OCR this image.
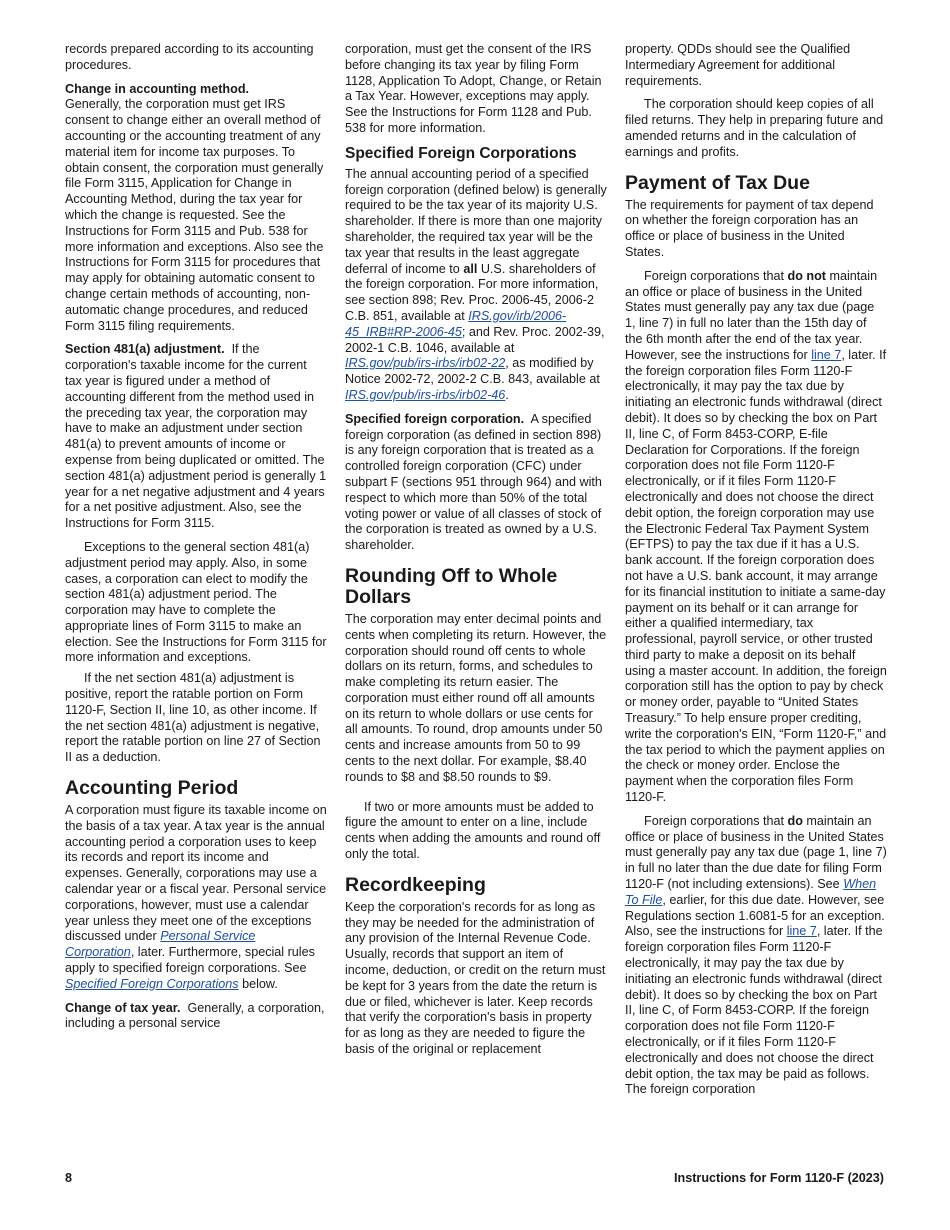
records prepared according to its accounting procedures.

Change in accounting method.
Generally, the corporation must get IRS consent to change either an overall method of accounting or the accounting treatment of any material item for income tax purposes. To obtain consent, the corporation must generally file Form 3115, Application for Change in Accounting Method, during the tax year for which the change is requested. See the Instructions for Form 3115 and Pub. 538 for more information and exceptions. Also see the Instructions for Form 3115 for procedures that may apply for obtaining automatic consent to change certain methods of accounting, non-automatic change procedures, and reduced Form 3115 filing requirements.

Section 481(a) adjustment. If the corporation's taxable income for the current tax year is figured under a method of accounting different from the method used in the preceding tax year, the corporation may have to make an adjustment under section 481(a) to prevent amounts of income or expense from being duplicated or omitted. The section 481(a) adjustment period is generally 1 year for a net negative adjustment and 4 years for a net positive adjustment. Also, see the Instructions for Form 3115.

Exceptions to the general section 481(a) adjustment period may apply. Also, in some cases, a corporation can elect to modify the section 481(a) adjustment period. The corporation may have to complete the appropriate lines of Form 3115 to make an election. See the Instructions for Form 3115 for more information and exceptions.

If the net section 481(a) adjustment is positive, report the ratable portion on Form 1120-F, Section II, line 10, as other income. If the net section 481(a) adjustment is negative, report the ratable portion on line 27 of Section II as a deduction.

Accounting Period

A corporation must figure its taxable income on the basis of a tax year. A tax year is the annual accounting period a corporation uses to keep its records and report its income and expenses. Generally, corporations may use a calendar year or a fiscal year. Personal service corporations, however, must use a calendar year unless they meet one of the exceptions discussed under Personal Service Corporation, later. Furthermore, special rules apply to specified foreign corporations. See Specified Foreign Corporations below.

Change of tax year. Generally, a corporation, including a personal service

corporation, must get the consent of the IRS before changing its tax year by filing Form 1128, Application To Adopt, Change, or Retain a Tax Year. However, exceptions may apply. See the Instructions for Form 1128 and Pub. 538 for more information.

Specified Foreign Corporations

The annual accounting period of a specified foreign corporation (defined below) is generally required to be the tax year of its majority U.S. shareholder. If there is more than one majority shareholder, the required tax year will be the tax year that results in the least aggregate deferral of income to all U.S. shareholders of the foreign corporation. For more information, see section 898; Rev. Proc. 2006-45, 2006-2 C.B. 851, available at IRS.gov/irb/2006-45_IRB#RP-2006-45; and Rev. Proc. 2002-39, 2002-1 C.B. 1046, available at IRS.gov/pub/irs-irbs/irb02-22, as modified by Notice 2002-72, 2002-2 C.B. 843, available at IRS.gov/pub/irs-irbs/irb02-46.

Specified foreign corporation. A specified foreign corporation (as defined in section 898) is any foreign corporation that is treated as a controlled foreign corporation (CFC) under subpart F (sections 951 through 964) and with respect to which more than 50% of the total voting power or value of all classes of stock of the corporation is treated as owned by a U.S. shareholder.

Rounding Off to Whole Dollars

The corporation may enter decimal points and cents when completing its return. However, the corporation should round off cents to whole dollars on its return, forms, and schedules to make completing its return easier. The corporation must either round off all amounts on its return to whole dollars or use cents for all amounts. To round, drop amounts under 50 cents and increase amounts from 50 to 99 cents to the next dollar. For example, $8.40 rounds to $8 and $8.50 rounds to $9.

If two or more amounts must be added to figure the amount to enter on a line, include cents when adding the amounts and round off only the total.

Recordkeeping

Keep the corporation's records for as long as they may be needed for the administration of any provision of the Internal Revenue Code. Usually, records that support an item of income, deduction, or credit on the return must be kept for 3 years from the date the return is due or filed, whichever is later. Keep records that verify the corporation's basis in property for as long as they are needed to figure the basis of the original or replacement

property. QDDs should see the Qualified Intermediary Agreement for additional requirements.

The corporation should keep copies of all filed returns. They help in preparing future and amended returns and in the calculation of earnings and profits.

Payment of Tax Due

The requirements for payment of tax depend on whether the foreign corporation has an office or place of business in the United States.

Foreign corporations that do not maintain an office or place of business in the United States must generally pay any tax due (page 1, line 7) in full no later than the 15th day of the 6th month after the end of the tax year. However, see the instructions for line 7, later. If the foreign corporation files Form 1120-F electronically, it may pay the tax due by initiating an electronic funds withdrawal (direct debit). It does so by checking the box on Part II, line C, of Form 8453-CORP, E-file Declaration for Corporations. If the foreign corporation does not file Form 1120-F electronically, or if it files Form 1120-F electronically and does not choose the direct debit option, the foreign corporation may use the Electronic Federal Tax Payment System (EFTPS) to pay the tax due if it has a U.S. bank account. If the foreign corporation does not have a U.S. bank account, it may arrange for its financial institution to initiate a same-day payment on its behalf or it can arrange for either a qualified intermediary, tax professional, payroll service, or other trusted third party to make a deposit on its behalf using a master account. In addition, the foreign corporation still has the option to pay by check or money order, payable to “United States Treasury.” To help ensure proper crediting, write the corporation's EIN, “Form 1120-F,” and the tax period to which the payment applies on the check or money order. Enclose the payment when the corporation files Form 1120-F.

Foreign corporations that do maintain an office or place of business in the United States must generally pay any tax due (page 1, line 7) in full no later than the due date for filing Form 1120-F (not including extensions). See When To File, earlier, for this due date. However, see Regulations section 1.6081-5 for an exception. Also, see the instructions for line 7, later. If the foreign corporation files Form 1120-F electronically, it may pay the tax due by initiating an electronic funds withdrawal (direct debit). It does so by checking the box on Part II, line C, of Form 8453-CORP. If the foreign corporation does not file Form 1120-F electronically, or if it files Form 1120-F electronically and does not choose the direct debit option, the tax may be paid as follows. The foreign corporation

8	Instructions for Form 1120-F (2023)
